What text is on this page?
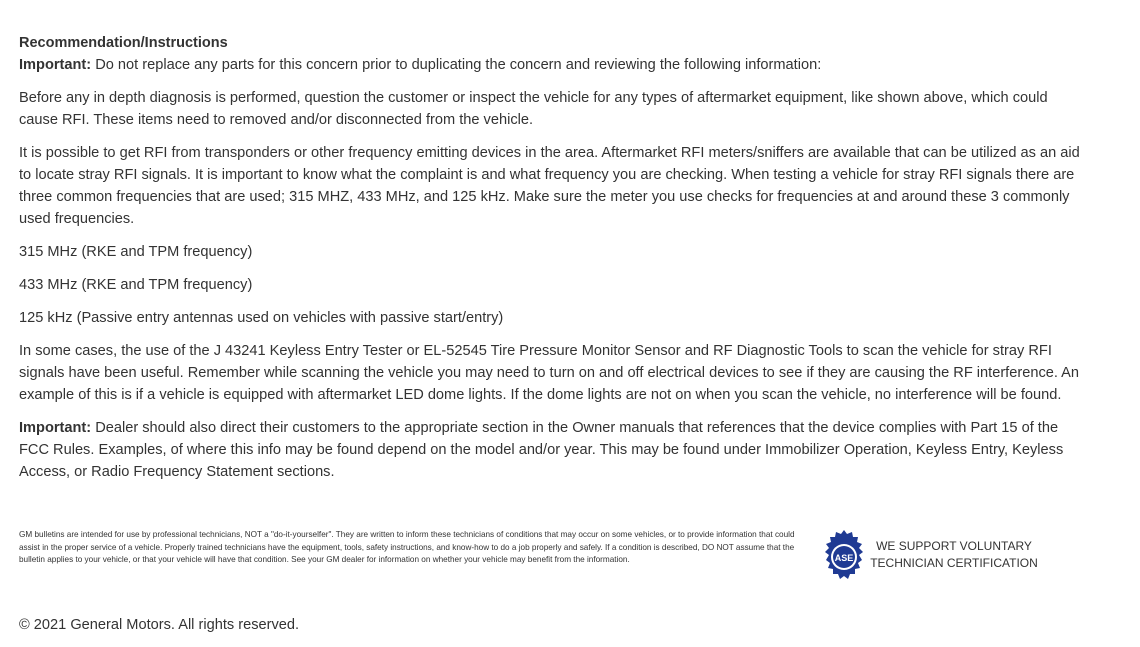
Recommendation/Instructions

Important: Do not replace any parts for this concern prior to duplicating the concern and reviewing the following information:

Before any in depth diagnosis is performed, question the customer or inspect the vehicle for any types of aftermarket equipment, like shown above, which could cause RFI. These items need to removed and/or disconnected from the vehicle.

It is possible to get RFI from transponders or other frequency emitting devices in the area. Aftermarket RFI meters/sniffers are available that can be utilized as an aid to locate stray RFI signals. It is important to know what the complaint is and what frequency you are checking. When testing a vehicle for stray RFI signals there are three common frequencies that are used; 315 MHZ, 433 MHz, and 125 kHz. Make sure the meter you use checks for frequencies at and around these 3 commonly used frequencies.

315 MHz (RKE and TPM frequency)

433 MHz (RKE and TPM frequency)

125 kHz (Passive entry antennas used on vehicles with passive start/entry)

In some cases, the use of the J 43241 Keyless Entry Tester or EL-52545 Tire Pressure Monitor Sensor and RF Diagnostic Tools to scan the vehicle for stray RFI signals have been useful. Remember while scanning the vehicle you may need to turn on and off electrical devices to see if they are causing the RF interference. An example of this is if a vehicle is equipped with aftermarket LED dome lights. If the dome lights are not on when you scan the vehicle, no interference will be found.

Important: Dealer should also direct their customers to the appropriate section in the Owner manuals that references that the device complies with Part 15 of the FCC Rules. Examples, of where this info may be found depend on the model and/or year. This may be found under Immobilizer Operation, Keyless Entry, Keyless Access, or Radio Frequency Statement sections.

GM bulletins are intended for use by professional technicians, NOT a "do-it-yourselfer". They are written to inform these technicians of conditions that may occur on some vehicles, or to provide information that could assist in the proper service of a vehicle. Properly trained technicians have the equipment, tools, safety instructions, and know-how to do a job properly and safely. If a condition is described, DO NOT assume that the bulletin applies to your vehicle, or that your vehicle will have that condition. See your GM dealer for information on whether your vehicle may benefit from the information.	ASE
WE SUPPORT VOLUNTARY
TECHNICIAN CERTIFICATION
© 2021 General Motors. All rights reserved.
